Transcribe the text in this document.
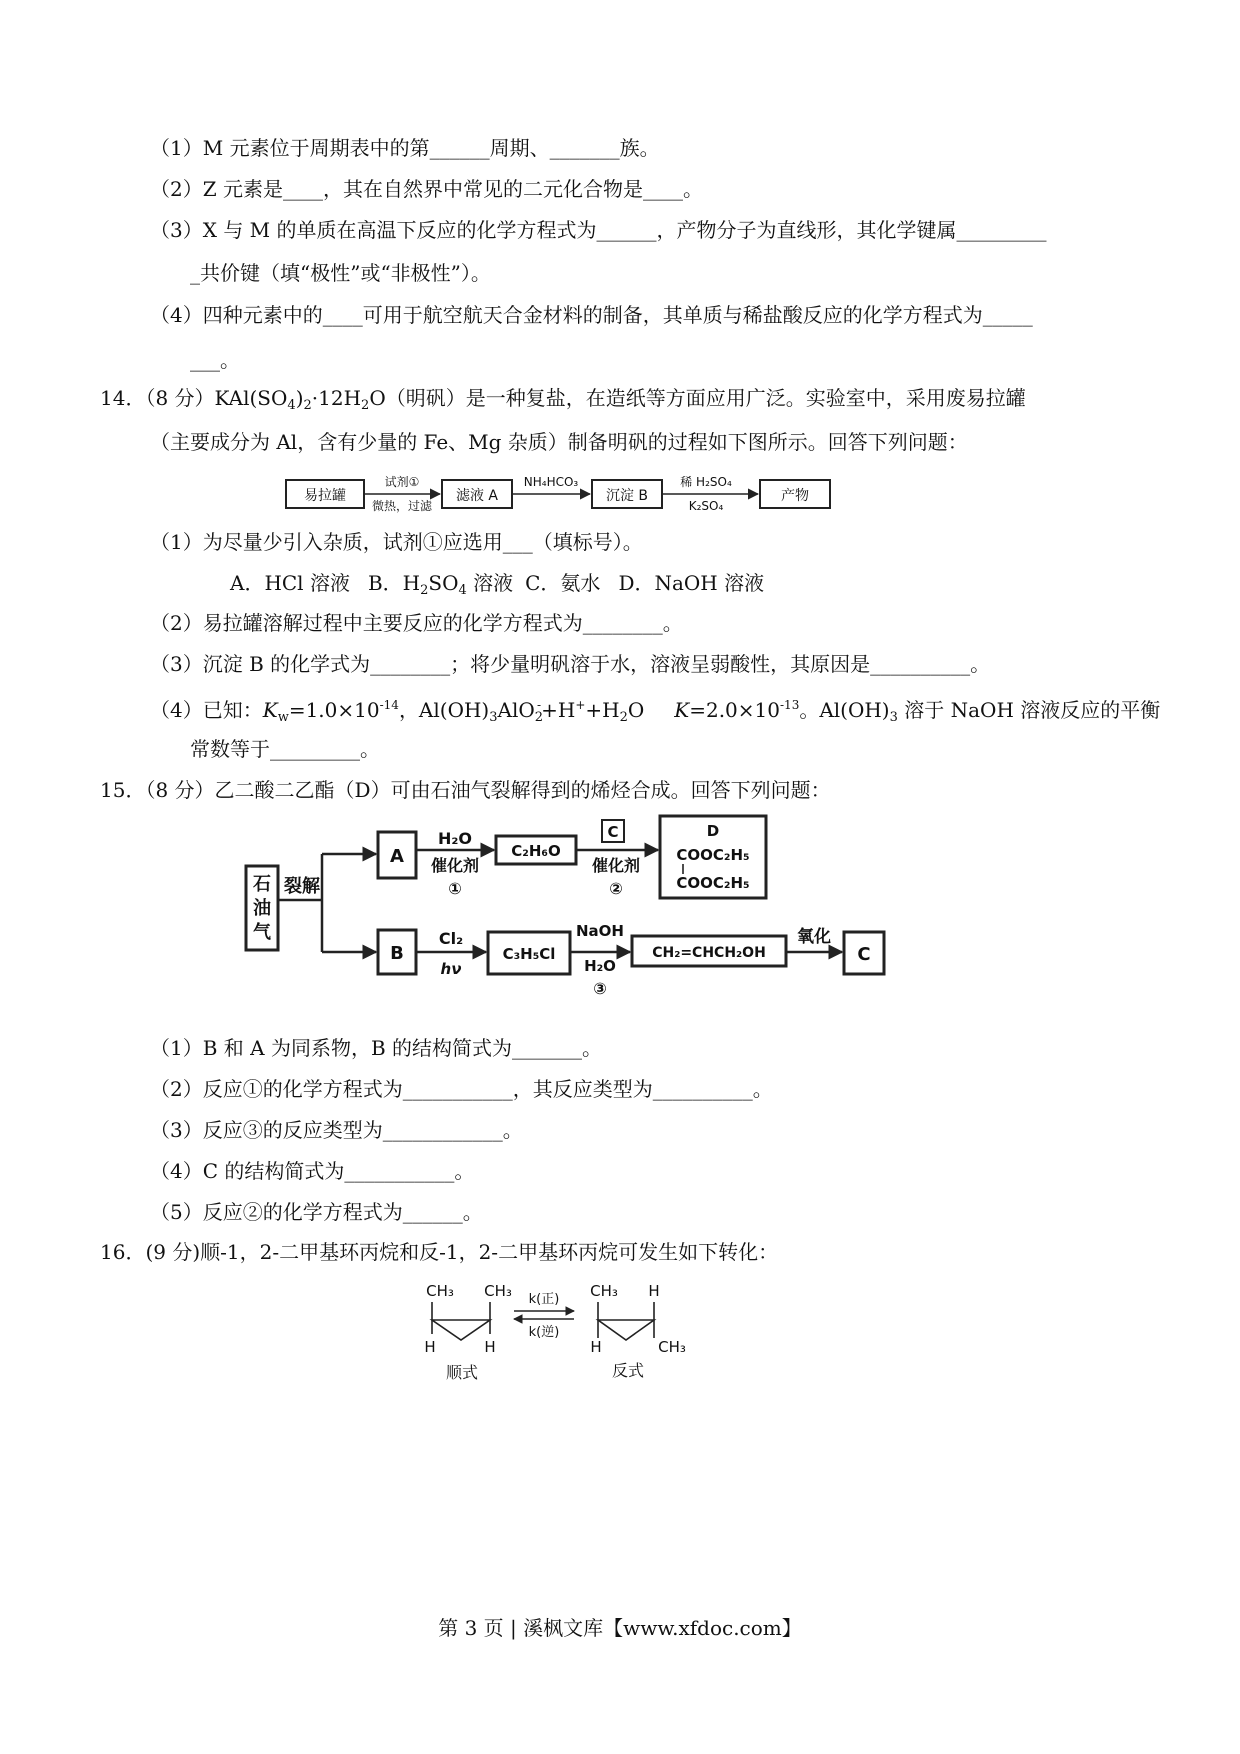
（1）M 元素位于周期表中的第______周期、_______族。
（2）Z 元素是____，其在自然界中常见的二元化合物是____。
（3）X 与 M 的单质在高温下反应的化学方程式为______，产物分子为直线形，其化学键属_________
_共价键（填“极性”或“非极性”）。
（4）四种元素中的____可用于航空航天合金材料的制备，其单质与稀盐酸反应的化学方程式为_____
___。
14．（8 分）$KAl(SO_4)_2\cdot 12H_2O$（明矾）是一种复盐，在造纸等方面应用广泛。实验室中，采用废易拉罐
（主要成分为 Al，含有少量的 Fe、Mg 杂质）制备明矾的过程如下图所示。回答下列问题：
易拉罐
试剂①
微热，过滤
滤液 A
NH₄HCO₃
沉淀 B
稀 H₂SO₄
K₂SO₄
产物
（1）为尽量少引入杂质，试剂①应选用___（填标号）。
A．HCl 溶液 B．$H_2SO_4$ 溶液 C．氨水 D．NaOH 溶液
（2）易拉罐溶解过程中主要反应的化学方程式为________。
（3）沉淀 B 的化学式为________；将少量明矾溶于水，溶液呈弱酸性，其原因是__________。
（4）已知：$K_w=1.0\times 10^{-14}$，$Al(OH)_3AlO_2^-+H^++H_2O$ $K=2.0\times 10^{-13}$。$Al(OH)_3$ 溶于 NaOH 溶液反应的平衡
常数等于_________。
15．（8 分）乙二酸二乙酯（D）可由石油气裂解得到的烯烃合成。回答下列问题：
石
油
气
裂解
A
H₂O
催化剂
①
C₂H₆O
C
催化剂
②
D
COOC₂H₅
COOC₂H₅
B
Cl₂
hν
C₃H₅Cl
NaOH
H₂O
③
CH₂=CHCH₂OH
氧化
C
（1）B 和 A 为同系物，B 的结构简式为_______。
（2）反应①的化学方程式为___________，其反应类型为__________。
（3）反应③的反应类型为____________。
（4）C 的结构简式为___________。
（5）反应②的化学方程式为______。
16．(9 分)顺-1，2-二甲基环丙烷和反-1，2-二甲基环丙烷可发生如下转化：
CH₃ CH₃
H	H
顺式
k(正)
k(逆)
CH₃ H
H	CH₃
反式
第 3 页 | 溪枫文库【www.xfdoc.com】
